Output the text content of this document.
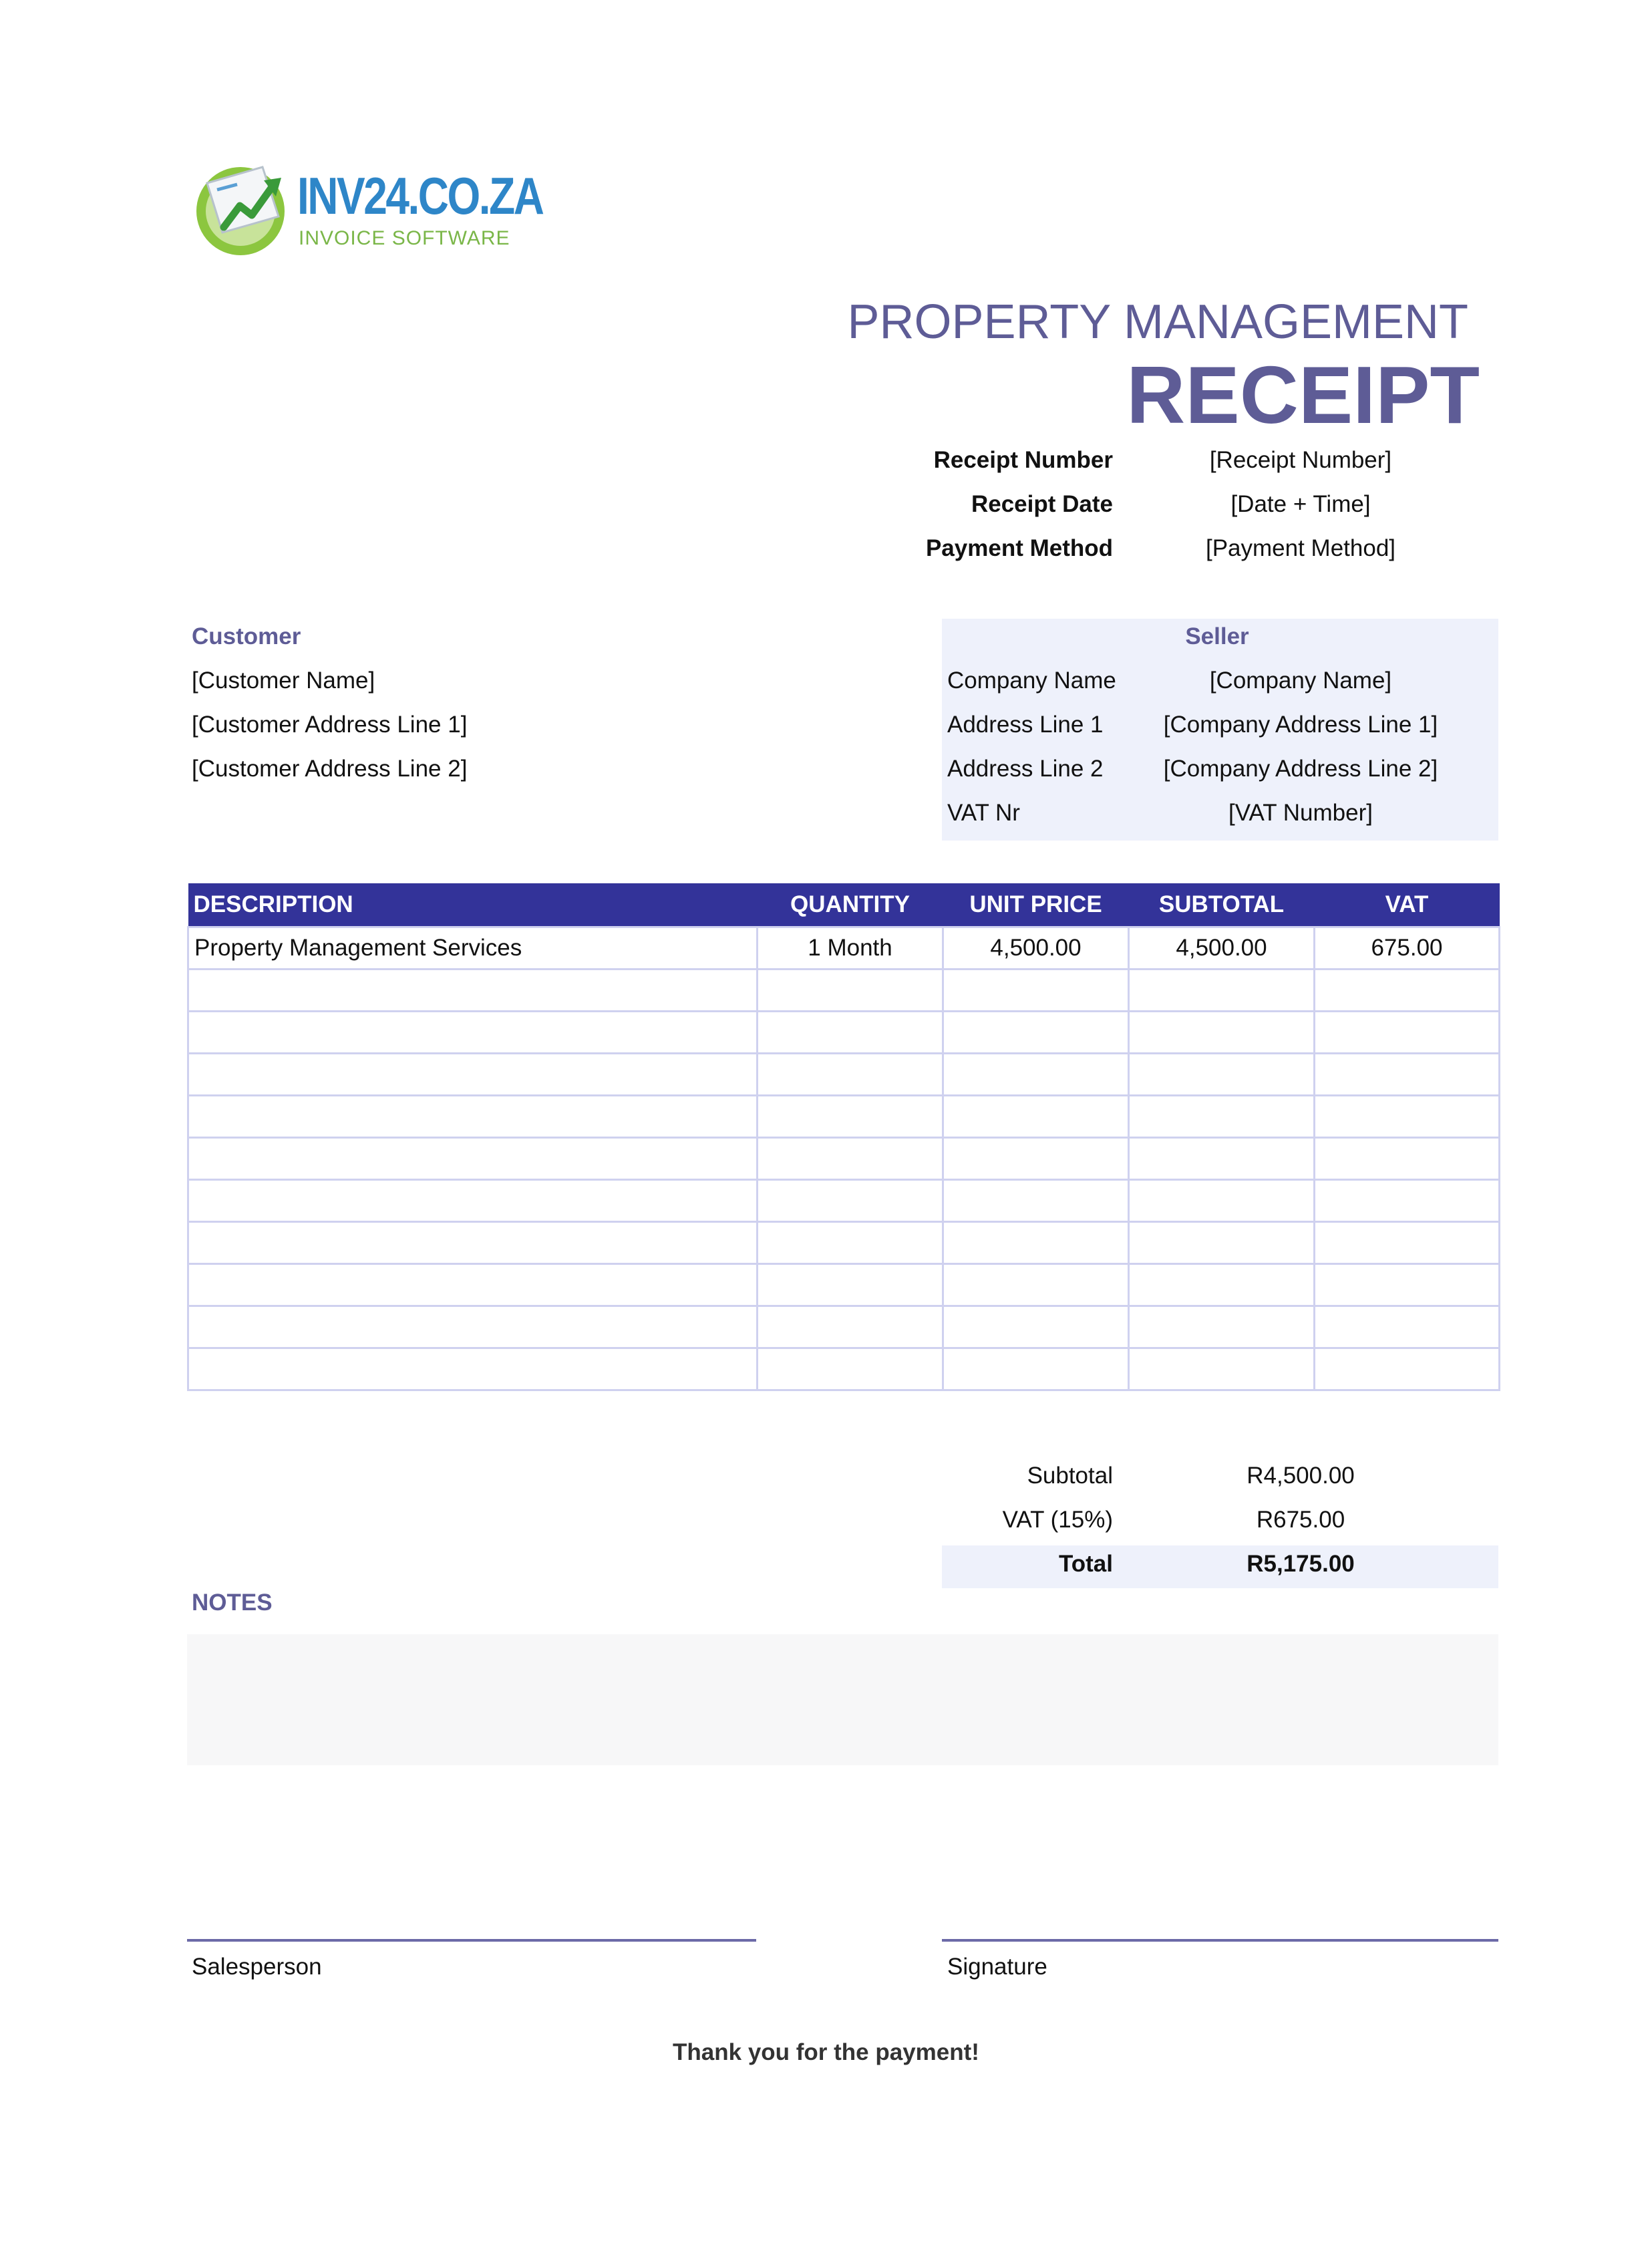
INV24.CO.ZA
INVOICE SOFTWARE
PROPERTY MANAGEMENT
RECEIPT
Receipt Number	[Receipt Number]
Receipt Date	[Date + Time]
Payment Method	[Payment Method]
Customer
[Customer Name]
[Customer Address Line 1]
[Customer Address Line 2]
Seller
Company Name	[Company Name]
Address Line 1	[Company Address Line 1]
Address Line 2	[Company Address Line 2]
VAT Nr	[VAT Number]
DESCRIPTION	QUANTITY	UNIT PRICE	SUBTOTAL	VAT
Property Management Services	1 Month	4,500.00	4,500.00	675.00

Subtotal	R4,500.00
VAT (15%)	R675.00
Total	R5,175.00
NOTES
Salesperson	Signature
Thank you for the payment!
